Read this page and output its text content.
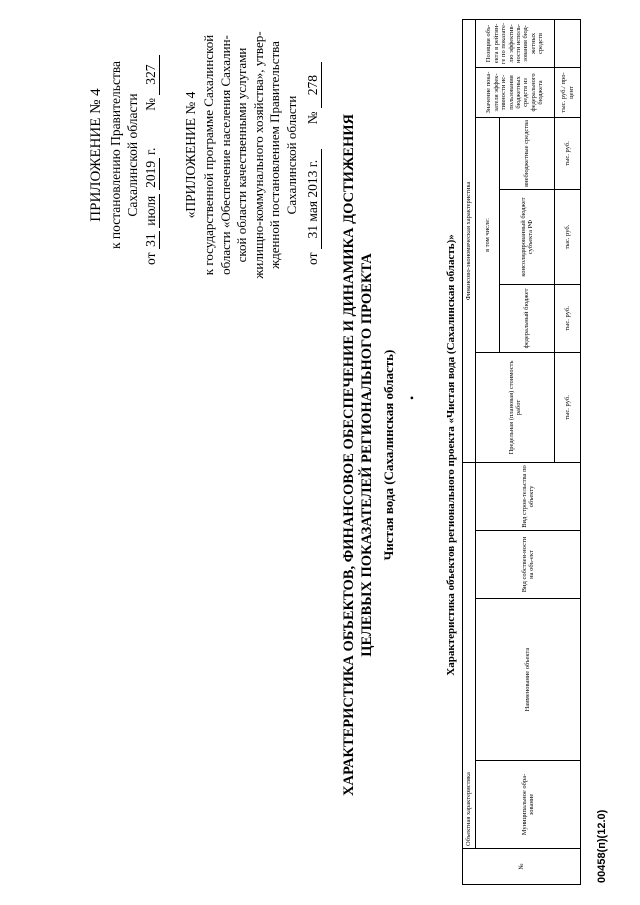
ПРИЛОЖЕНИЕ № 4 к постановлению Правительства Сахалинской области
от 31 июля 2019 г.  № 327
«ПРИЛОЖЕНИЕ № 4 к государственной программе Сахалинской области «Обеспечение населения Сахалин- ской области качественными услугами жилищно-коммунального хозяйства», утвер- жденной постановлением Правительства Сахалинской области
от 31 мая 2013 г.  № 278
ХАРАКТЕРИСТИКА ОБЪЕКТОВ, ФИНАНСОВОЕ ОБЕСПЕЧЕНИЕ И ДИНАМИКА ДОСТИЖЕНИЯ ЦЕЛЕВЫХ ПОКАЗАТЕЛЕЙ РЕГИОНАЛЬНОГО ПРОЕКТА Чистая вода (Сахалинская область) • Характеристика объектов регионального проекта «Чистая вода (Сахалинская область)»
№	Объектная характеристика				Финансово-экономическая характеристика					
	Муниципальное обра-зование	Наименование объекта	Вид собствен-ности на объ-ект	Вид строи-тельства по объекту	Предельная (плановая) стоимость работ	в том числе:			Значение пока-зателя эффек-тивности ис-пользования бюджетных средств из федерального бюджета	Позиция объ-екта в рейтин-ге по показате-лю эффектив-ности исполь-зования бюд-жетных средств
						федеральный бюджет	консолидированный бюджет субъекта РФ	внебюджетные средства		
					тыс. руб.	тыс. руб.	тыс. руб.	тыс. руб.	тыс. руб./ про-цент	
00458(п)(12.0)
